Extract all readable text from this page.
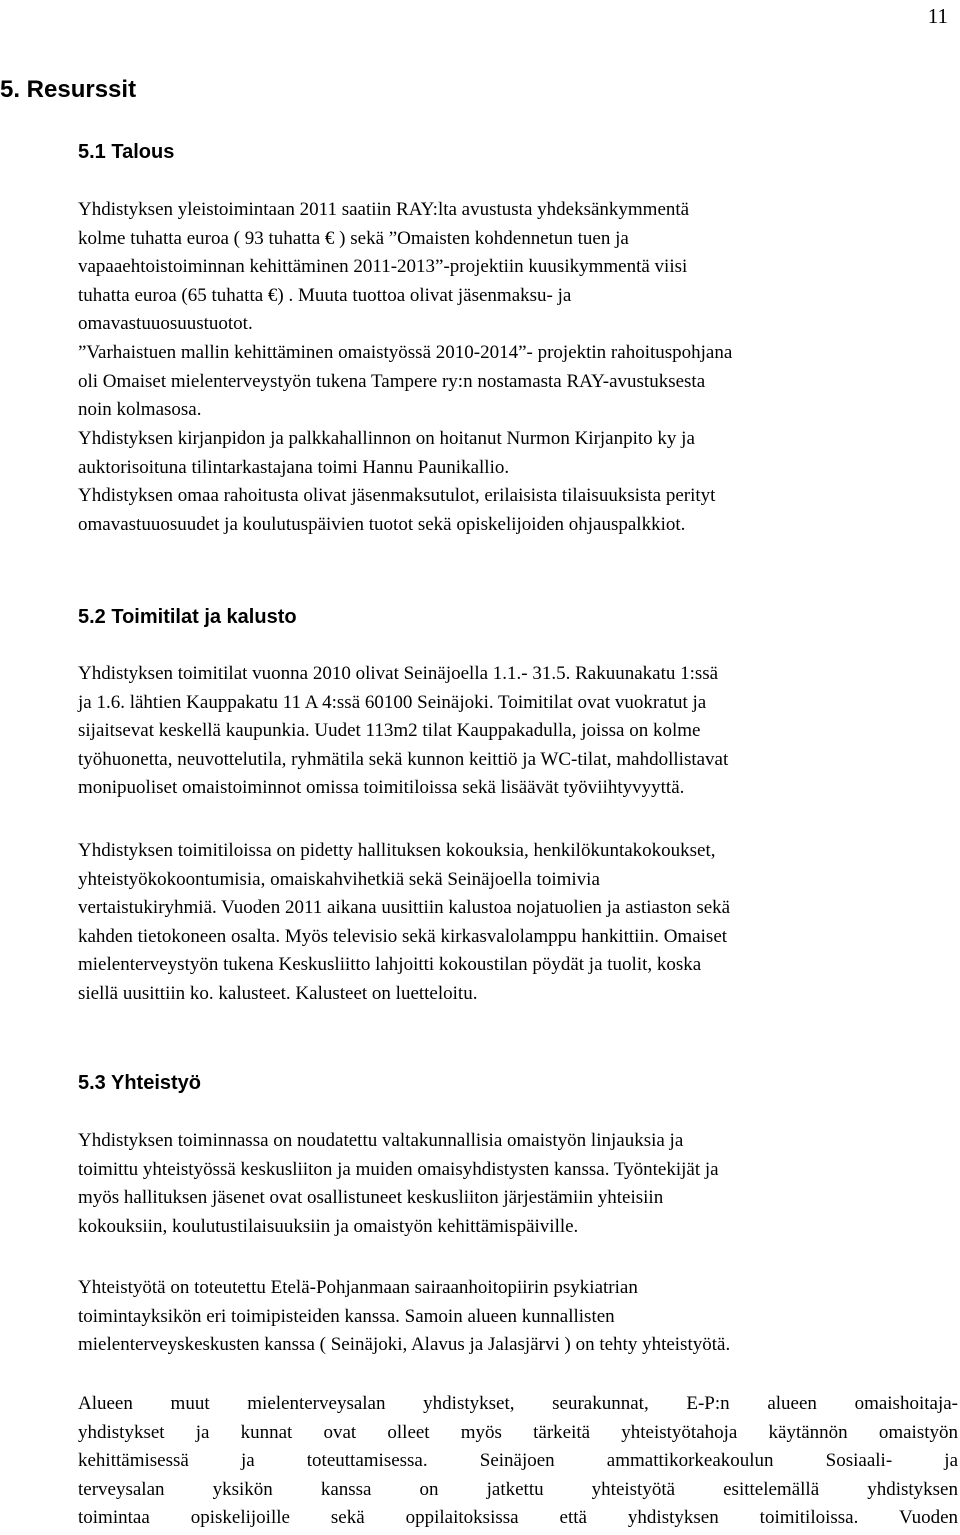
11
5. Resurssit
5.1 Talous
Yhdistyksen yleistoimintaan 2011 saatiin RAY:lta avustusta yhdeksänkymmentä
kolme tuhatta euroa ( 93 tuhatta € ) sekä ”Omaisten kohdennetun tuen ja
vapaaehtoistoiminnan kehittäminen 2011-2013”-projektiin kuusikymmentä viisi
tuhatta euroa (65 tuhatta €) . Muuta tuottoa olivat jäsenmaksu- ja
omavastuuosuustuotot.
”Varhaistuen mallin kehittäminen omaistyössä 2010-2014”- projektin rahoituspohjana
oli Omaiset mielenterveystyön tukena Tampere ry:n nostamasta RAY-avustuksesta
noin kolmasosa.
Yhdistyksen kirjanpidon ja palkkahallinnon on hoitanut Nurmon Kirjanpito ky ja
auktorisoituna tilintarkastajana toimi Hannu Paunikallio.
Yhdistyksen omaa rahoitusta olivat jäsenmaksutulot, erilaisista tilaisuuksista perityt
omavastuuosuudet ja koulutuspäivien tuotot sekä opiskelijoiden ohjauspalkkiot.
5.2 Toimitilat ja kalusto
Yhdistyksen toimitilat vuonna 2010 olivat Seinäjoella 1.1.- 31.5. Rakuunakatu 1:ssä
ja 1.6. lähtien Kauppakatu 11 A 4:ssä 60100 Seinäjoki. Toimitilat ovat vuokratut ja
sijaitsevat keskellä kaupunkia. Uudet 113m2 tilat Kauppakadulla, joissa on kolme
työhuonetta, neuvottelutila, ryhmätila sekä kunnon keittiö ja WC-tilat, mahdollistavat
monipuoliset omaistoiminnot omissa toimitiloissa sekä lisäävät työviihtyvyyttä.
Yhdistyksen toimitiloissa on pidetty hallituksen kokouksia, henkilökuntakokoukset,
yhteistyökokoontumisia, omaiskahvihetkiä sekä Seinäjoella toimivia
vertaistukiryhmiä. Vuoden 2011 aikana uusittiin kalustoa nojatuolien ja astiaston sekä
kahden tietokoneen osalta. Myös televisio sekä kirkasvalolamppu hankittiin. Omaiset
mielenterveystyön tukena Keskusliitto lahjoitti kokoustilan pöydät ja tuolit, koska
siellä uusittiin ko. kalusteet. Kalusteet on luetteloitu.
5.3 Yhteistyö
Yhdistyksen toiminnassa on noudatettu valtakunnallisia omaistyön linjauksia ja
toimittu yhteistyössä keskusliiton ja muiden omaisyhdistysten kanssa. Työntekijät ja
myös hallituksen jäsenet ovat osallistuneet keskusliiton järjestämiin yhteisiin
kokouksiin, koulutustilaisuuksiin ja omaistyön kehittämispäiville.
Yhteistyötä on toteutettu Etelä-Pohjanmaan sairaanhoitopiirin psykiatrian
toimintayksikön eri toimipisteiden kanssa. Samoin alueen kunnallisten
mielenterveyskeskusten kanssa ( Seinäjoki, Alavus ja Jalasjärvi ) on tehty yhteistyötä.
Alueen muut mielenterveysalan yhdistykset, seurakunnat, E-P:n alueen omaishoitaja-
yhdistykset ja kunnat ovat olleet myös tärkeitä yhteistyötahoja käytännön omaistyön
kehittämisessä ja toteuttamisessa. Seinäjoen ammattikorkeakoulun Sosiaali- ja
terveysalan yksikön kanssa on jatkettu yhteistyötä esittelemällä yhdistyksen
toimintaa opiskelijoille sekä oppilaitoksissa että yhdistyksen toimitiloissa. Vuoden
